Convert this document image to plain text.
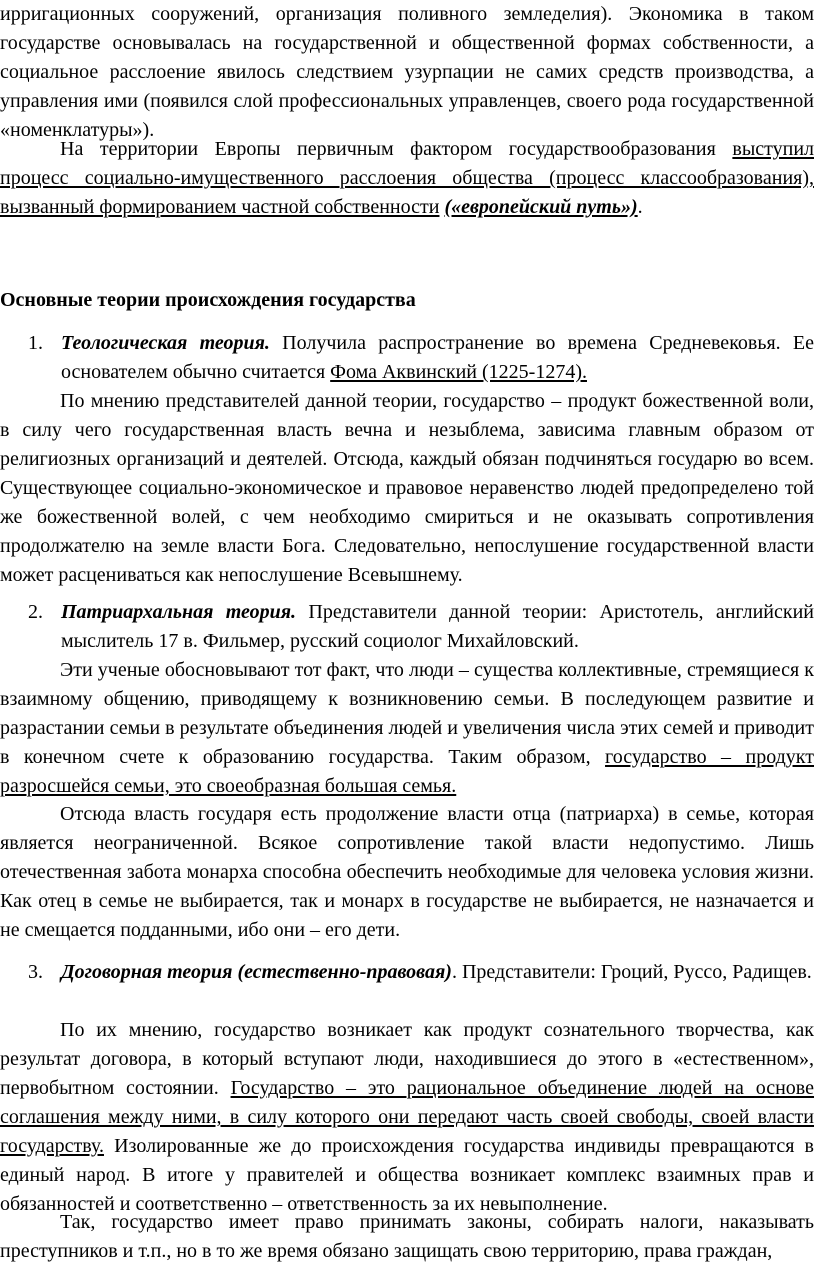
ирригационных сооружений, организация поливного земледелия). Экономика в таком государстве основывалась на государственной и общественной формах собственности, а социальное расслоение явилось следствием узурпации не самих средств производства, а управления ими (появился слой профессиональных управленцев, своего рода государственной «номенклатуры»).

На территории Европы первичным фактором государствообразования выступил процесс социально-имущественного расслоения общества (процесс классообразования), вызванный формированием частной собственности («европейский путь»).

Основные теории происхождения государства

1. Теологическая теория. Получила распространение во времена Средневековья. Ее основателем обычно считается Фома Аквинский (1225-1274).

По мнению представителей данной теории, государство – продукт божественной воли, в силу чего государственная власть вечна и незыблема, зависима главным образом от религиозных организаций и деятелей. Отсюда, каждый обязан подчиняться государю во всем. Существующее социально-экономическое и правовое неравенство людей предопределено той же божественной волей, с чем необходимо смириться и не оказывать сопротивления продолжателю на земле власти Бога. Следовательно, непослушение государственной власти может расцениваться как непослушение Всевышнему.

2. Патриархальная теория. Представители данной теории: Аристотель, английский мыслитель 17 в. Фильмер, русский социолог Михайловский.

Эти ученые обосновывают тот факт, что люди – существа коллективные, стремящиеся к взаимному общению, приводящему к возникновению семьи. В последующем развитие и разрастании семьи в результате объединения людей и увеличения числа этих семей и приводит в конечном счете к образованию государства. Таким образом, государство – продукт разросшейся семьи, это своеобразная большая семья.

Отсюда власть государя есть продолжение власти отца (патриарха) в семье, которая является неограниченной. Всякое сопротивление такой власти недопустимо. Лишь отечественная забота монарха способна обеспечить необходимые для человека условия жизни. Как отец в семье не выбирается, так и монарх в государстве не выбирается, не назначается и не смещается подданными, ибо они – его дети.

3. Договорная теория (естественно-правовая). Представители: Гроций, Руссо, Радищев.

По их мнению, государство возникает как продукт сознательного творчества, как результат договора, в который вступают люди, находившиеся до этого в «естественном», первобытном состоянии. Государство – это рациональное объединение людей на основе соглашения между ними, в силу которого они передают часть своей свободы, своей власти государству. Изолированные же до происхождения государства индивиды превращаются в единый народ. В итоге у правителей и общества возникает комплекс взаимных прав и обязанностей и соответственно – ответственность за их невыполнение.

Так, государство имеет право принимать законы, собирать налоги, наказывать преступников и т.п., но в то же время обязано защищать свою территорию, права граждан,
